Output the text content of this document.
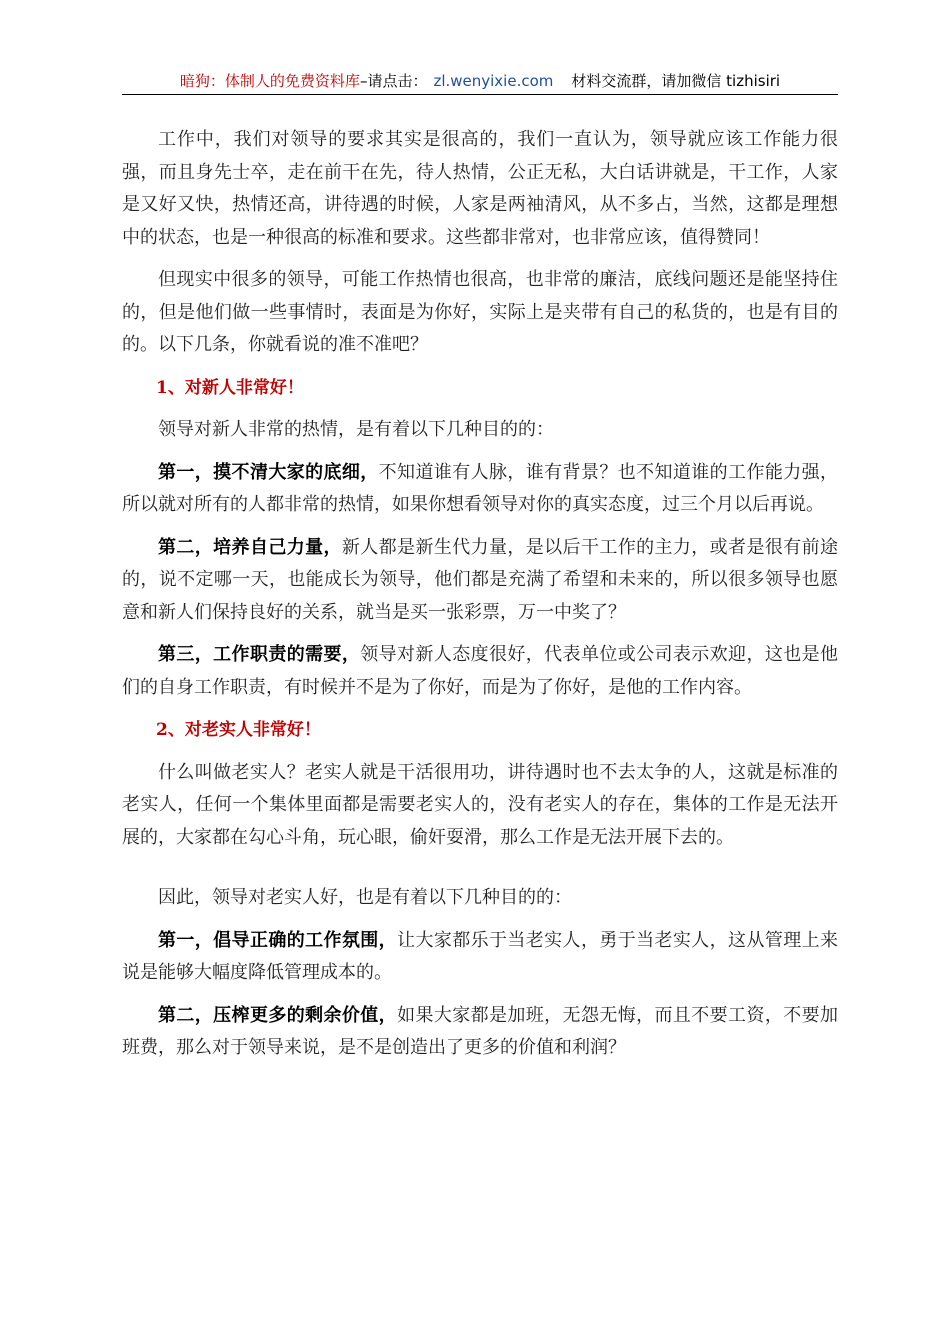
暗狗：体制人的免费资料库–请点击： zl.wenyixie.com 材料交流群，请加微信 tizhisiri

工作中，我们对领导的要求其实是很高的，我们一直认为，领导就应该工作能力很强，而且身先士卒，走在前干在先，待人热情，公正无私，大白话讲就是，干工作，人家是又好又快，热情还高，讲待遇的时候，人家是两袖清风，从不多占，当然，这都是理想中的状态，也是一种很高的标准和要求。这些都非常对，也非常应该，值得赞同！

但现实中很多的领导，可能工作热情也很高，也非常的廉洁，底线问题还是能坚持住的，但是他们做一些事情时，表面是为你好，实际上是夹带有自己的私货的，也是有目的的。以下几条，你就看说的准不准吧？

1、对新人非常好！

领导对新人非常的热情，是有着以下几种目的的：

第一，摸不清大家的底细，不知道谁有人脉，谁有背景？也不知道谁的工作能力强，所以就对所有的人都非常的热情，如果你想看领导对你的真实态度，过三个月以后再说。

第二，培养自己力量，新人都是新生代力量，是以后干工作的主力，或者是很有前途的，说不定哪一天，也能成长为领导，他们都是充满了希望和未来的，所以很多领导也愿意和新人们保持良好的关系，就当是买一张彩票，万一中奖了？

第三，工作职责的需要，领导对新人态度很好，代表单位或公司表示欢迎，这也是他们的自身工作职责，有时候并不是为了你好，而是为了你好，是他的工作内容。

2、对老实人非常好！

什么叫做老实人？老实人就是干活很用功，讲待遇时也不去太争的人，这就是标准的老实人，任何一个集体里面都是需要老实人的，没有老实人的存在，集体的工作是无法开展的，大家都在勾心斗角，玩心眼，偷奸耍滑，那么工作是无法开展下去的。

因此，领导对老实人好，也是有着以下几种目的的：

第一，倡导正确的工作氛围，让大家都乐于当老实人，勇于当老实人，这从管理上来说是能够大幅度降低管理成本的。

第二，压榨更多的剩余价值，如果大家都是加班，无怨无悔，而且不要工资，不要加班费，那么对于领导来说，是不是创造出了更多的价值和利润？
